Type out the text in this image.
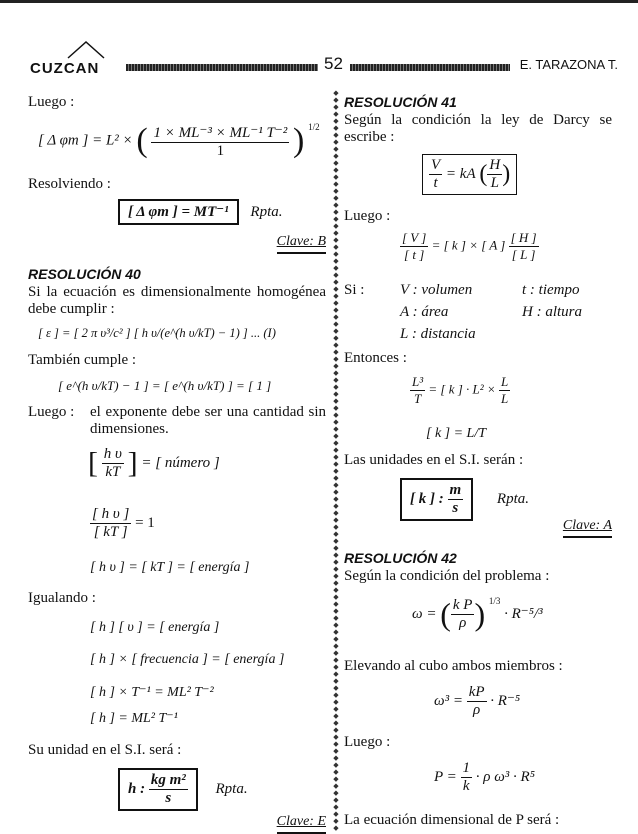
CUZCAN	52	E. TARAZONA T.
◆
◆
◆
◆
◆
◆
◆
◆
◆
◆
◆
◆
◆
◆
◆
◆
◆
◆
◆
◆
◆
◆
◆
◆
◆
◆
◆
◆
◆
◆
◆
◆
◆
◆
◆
◆
◆
◆
◆
◆
◆
◆
◆
◆
◆
◆
◆
◆
◆
◆
◆
◆
◆
◆
◆
◆
◆
◆
◆
◆
◆
◆
◆
◆
◆
◆
◆
◆
◆
◆
◆
◆
◆
◆
◆
◆
◆
◆
◆
◆
◆
◆
◆
◆
◆
◆
◆
◆
◆
◆
◆
◆
◆
◆
◆
◆
◆
◆
◆
◆
◆
◆
◆
◆
◆
◆
Luego :
[ Δ φm ] = L² × ( $\frac{\text{1 × ML⁻³ × ML⁻¹ T⁻²}}{1}$ ) $^{1/2}$
Resolviendo :
[ Δ φm ] = MT⁻¹ Rpta.
Clave: B
RESOLUCIÓN 40
Si la ecuación es dimensionalmente homogénea debe cumplir :
[ ε ] = [ 2 π υ³/c² ] [ h υ/(e^(h υ/kT) − 1) ] ... (I)
También cumple :
[ e^(h υ/kT) − 1 ] = [ e^(h υ/kT) ] = [ 1 ]
Luego : el exponente debe ser una cantidad sin dimensiones.
[ $\frac{\text{h υ}}{kT}$ ] = [ número ]
$\frac{\text{[ h υ ]}}{[ kT ]} = 1$
[ h υ ] = [ kT ] = [ energía ]
Igualando :
[ h ] [ υ ] = [ energía ]
[ h ] × [ frecuencia ] = [ energía ]
[ h ] × T⁻¹ = ML² T⁻²
[ h ] = ML² T⁻¹
Su unidad en el S.I. será :
h : $\frac{\text{kg m²}}{s}$ Rpta.
Clave: E
RESOLUCIÓN 41
Según la condición la ley de Darcy se escribe :
$\frac{V}{t}$ = kA ( $\frac{H}{L}$ )
Luego :
$\frac{[ V ]}{[ t ]}$ = [ k ] × [ A ] $\frac{[ H ]}{[ L ]}$
Si : V : volumen	t : tiempo
A : área	H : altura
L : distancia
Entonces :
$\frac{\text{L³}}{T}$ = [ k ] · $L^2 \times \frac{L}{L}$
[ k ] = L/T
Las unidades en el S.I. serán :
[ k ] : $\frac{m}{s}$ Rpta.
Clave: A
RESOLUCIÓN 42
Según la condición del problema :
ω = ( $\frac{\text{k P}}{\rho}$ ) $^{1/3}$ · R⁻⁵/³
Elevando al cubo ambos miembros :
$\omega^3 = \frac{kP}{\rho} \cdot R^{-5}$
Luego :
$P = \frac{1}{k} \cdot \rho$ ω³ · R⁵
La ecuación dimensional de P será :
